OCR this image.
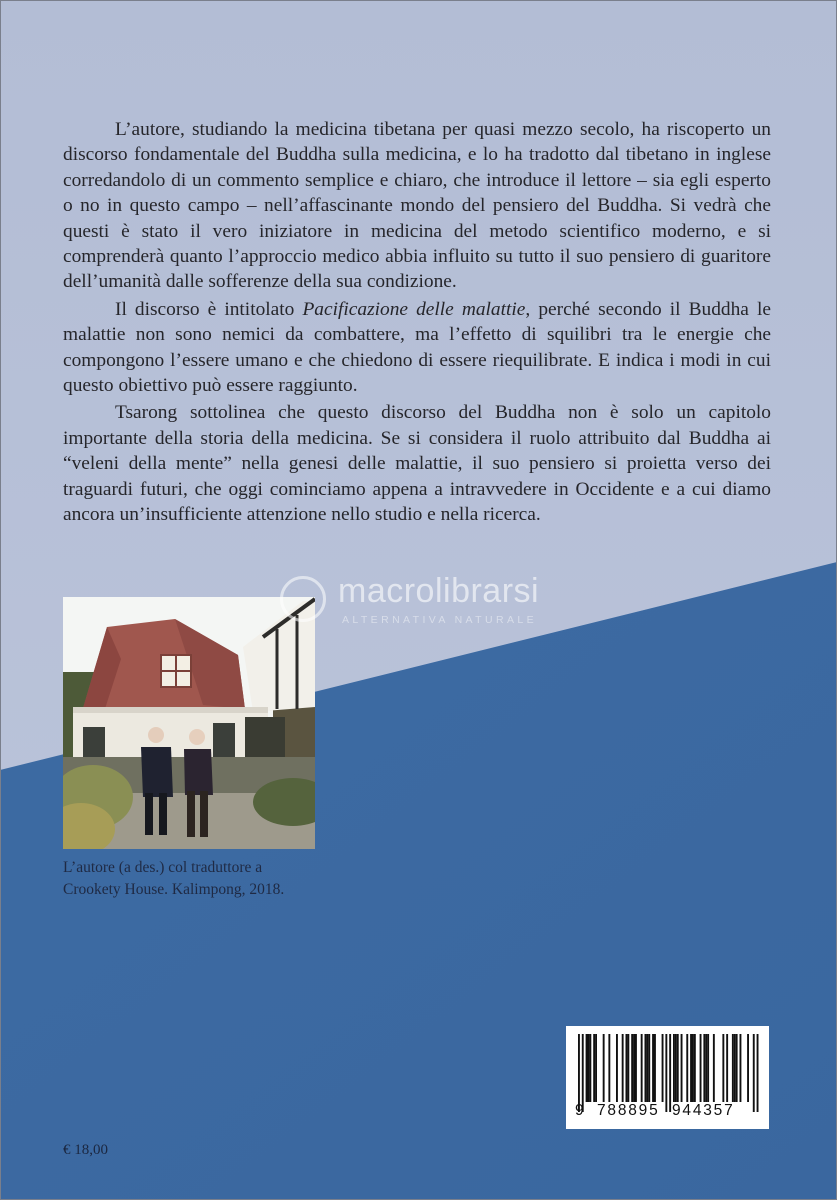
L’autore, studiando la medicina tibetana per quasi mezzo secolo, ha riscoperto un discorso fondamentale del Buddha sulla medicina, e lo ha tradotto dal tibetano in inglese corredandolo di un commento semplice e chiaro, che introduce il lettore – sia egli esperto o no in questo campo – nell’affascinante mondo del pensiero del Buddha. Si vedrà che questi è stato il vero iniziatore in medicina del metodo scientifico moderno, e si comprenderà quanto l’approccio medico abbia influito su tutto il suo pensiero di guaritore dell’umanità dalle sofferenze della sua condizione.

Il discorso è intitolato Pacificazione delle malattie, perché secondo il Buddha le malattie non sono nemici da combattere, ma l’effetto di squilibri tra le energie che compongono l’essere umano e che chiedono di essere riequilibrate. E indica i modi in cui questo obiettivo può essere raggiunto.

Tsarong sottolinea che questo discorso del Buddha non è solo un capitolo importante della storia della medicina. Se si considera il ruolo attribuito dal Buddha ai “veleni della mente” nella genesi delle malattie, il suo pensiero si proietta verso dei traguardi futuri, che oggi cominciamo appena a intravvedere in Occidente e a cui diamo ancora un’insufficiente attenzione nello studio e nella ricerca.

L’autore (a des.) col traduttore a
Crookety House. Kalimpong, 2018.
macrolibrarsi
ALTERNATIVA NATURALE
€ 18,00
9 788895 944357
